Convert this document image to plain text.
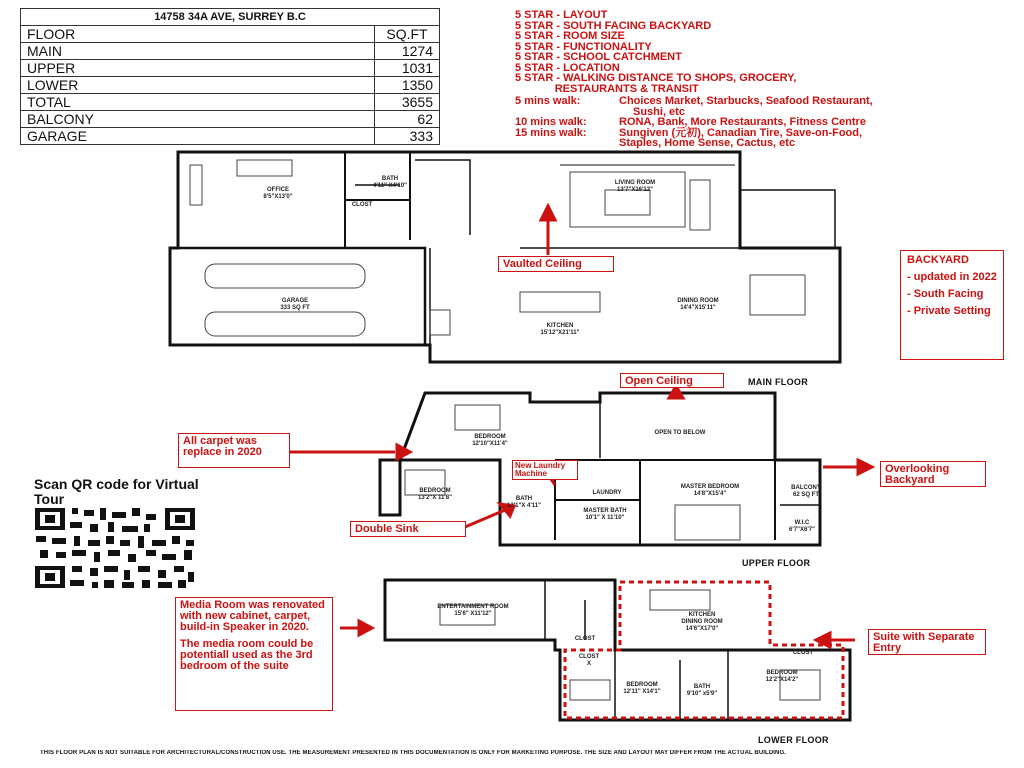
14758 34A AVE, SURREY B.C	
FLOOR	SQ.FT
MAIN	1274
UPPER	1031
LOWER	1350
TOTAL	3655
BALCONY	62
GARAGE	333
5 STAR - LAYOUT
5 STAR - SOUTH FACING BACKYARD
5 STAR - ROOM SIZE
5 STAR - FUNCTIONALITY
5 STAR - SCHOOL CATCHMENT
5 STAR - LOCATION
5 STAR - WALKING DISTANCE TO SHOPS, GROCERY,
RESTAURANTS & TRANSIT
5 mins walk:	Choices Market, Starbucks, Seafood Restaurant,
Sushi, etc
10 mins walk:	RONA, Bank, More Restaurants, Fitness Centre
15 mins walk:	Sungiven (元初), Canadian Tire, Save-on-Food,
Staples, Home Sense, Cactus, etc
Vaulted Ceiling
Open Ceiling
All carpet was replace in 2020
New Laundry Machine
Double Sink
Overlooking Backyard
Suite with Separate Entry
Media Room was renovated with new cabinet, carpet, build-in Speaker in 2020.
The media room could be potentiall used as the 3rd bedroom of the suite
BACKYARD
- updated in 2022
- South Facing
- Private Setting
Scan QR code for Virtual Tour
MAIN FLOOR
UPPER FLOOR
LOWER FLOOR
OFFICE
8'5"X13'0"
BATH
4'11" X4'10"
CLOST
LIVING ROOM
13'7"X16'12"
GARAGE
333 SQ FT
DINING ROOM
14'4"X15'11"
KITCHEN
15'12"X21'11"
BEDROOM
12'10"X11'4"
BEDROOM
13'2"X 11'8"
OPEN TO BELOW
MASTER BEDROOM
14'8"X15'4"
BALCONY
62 SQ FT
LAUNDRY
BATH
12'1"X 4'11"
MASTER BATH
10'1" X 11'10"
W.I.C
6'7"X6'7"
ENTERTAINMENT ROOM
15'6" X11'12"	KITCHEN
DINING ROOM
14'6"X17'0"
CLOST
CLOST
X
BEDROOM
12'11" X14'1"
BATH
9'10" x5'9"
BEDROOM
12'2"X14'2"
CLOST
THIS FLOOR PLAN IS NOT SUITABLE FOR ARCHITECTURAL/CONSTRUCTION USE. THE MEASUREMENT PRESENTED IN THIS DOCUMENTATION IS ONLY FOR MARKETING PURPOSE. THE SIZE AND LAYOUT MAY DIFFER FROM THE ACTUAL BUILDING.
